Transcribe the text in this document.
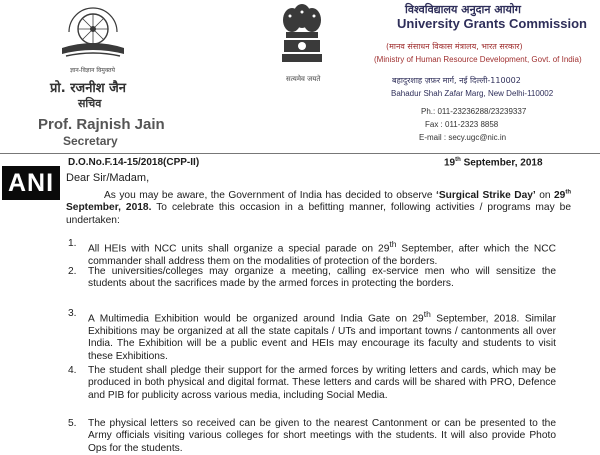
ज्ञान-विज्ञान विमुक्तये
प्रो. रजनीश जैन
सचिव
Prof. Rajnish Jain
Secretary
सत्यमेव जयते
विश्वविद्यालय अनुदान आयोग
University Grants Commission
(मानव संसाधन विकास मंत्रालय, भारत सरकार)
(Ministry of Human Resource Development, Govt. of India)
बहादुरशाह ज़फ़र मार्ग, नई दिल्ली-110002
Bahadur Shah Zafar Marg, New Delhi-110002
Ph.: 011-23236288/23239337
Fax : 011-2323 8858
E-mail : secy.ugc@nic.in
ANI
D.O.No.F.14-15/2018(CPP-II)	19th September, 2018
Dear Sir/Madam,
As you may be aware, the Government of India has decided to observe ‘Surgical Strike Day’ on 29th September, 2018. To celebrate this occasion in a befitting manner, following activities / programs may be undertaken:
1. All HEIs with NCC units shall organize a special parade on 29th September, after which the NCC commander shall address them on the modalities of protection of the borders.
2. The universities/colleges may organize a meeting, calling ex-service men who will sensitize the students about the sacrifices made by the armed forces in protecting the borders.
3. A Multimedia Exhibition would be organized around India Gate on 29th September, 2018. Similar Exhibitions may be organized at all the state capitals / UTs and important towns / cantonments all over India. The Exhibition will be a public event and HEIs may encourage its faculty and students to visit these Exhibitions.
4. The student shall pledge their support for the armed forces by writing letters and cards, which may be produced in both physical and digital format. These letters and cards will be shared with PRO, Defence and PIB for publicity across various media, including Social Media.
5. The physical letters so received can be given to the nearest Cantonment or can be presented to the Army officials visiting various colleges for short meetings with the students. It will also provide Photo Ops for the students.
